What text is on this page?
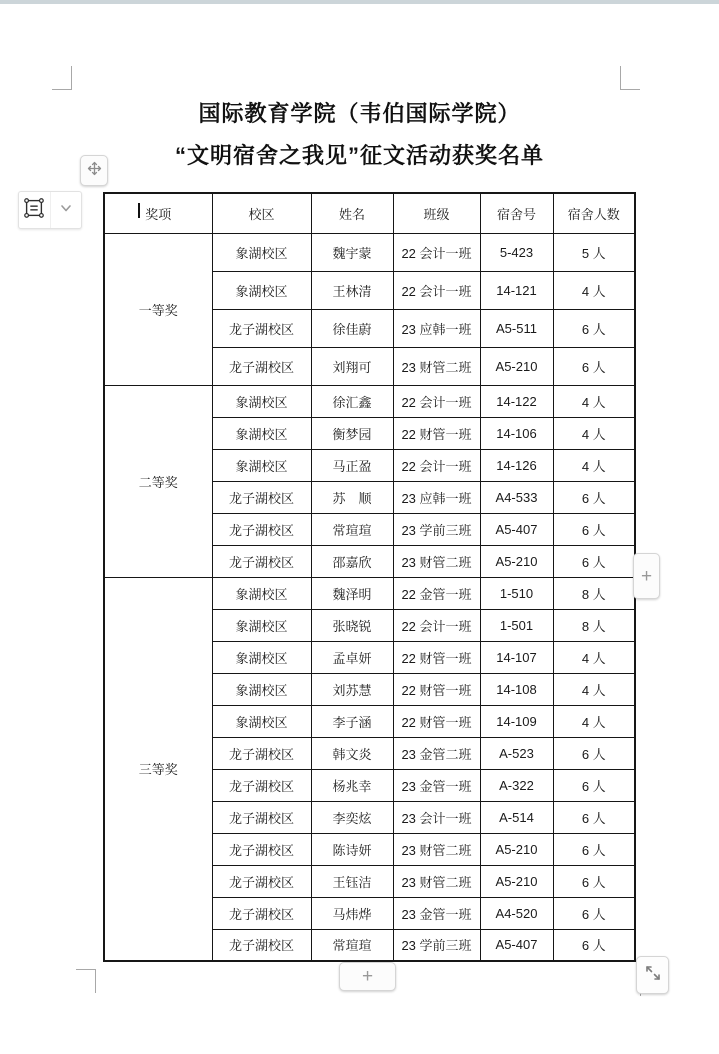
国际教育学院（韦伯国际学院）
“文明宿舍之我见”征文活动获奖名单
奖项	校区	姓名	班级	宿舍号	宿舍人数
一等奖	象湖校区	魏宇蒙	22 会计一班	5-423	5 人
	象湖校区	王林清	22 会计一班	14-121	4 人
	龙子湖校区	徐佳蔚	23 应韩一班	A5-511	6 人
	龙子湖校区	刘翔可	23 财管二班	A5-210	6 人
二等奖	象湖校区	徐汇鑫	22 会计一班	14-122	4 人
	象湖校区	衡梦园	22 财管一班	14-106	4 人
	象湖校区	马正盈	22 会计一班	14-126	4 人
	龙子湖校区	苏　顺	23 应韩一班	A4-533	6 人
	龙子湖校区	常瑄瑄	23 学前三班	A5-407	6 人
	龙子湖校区	邵嘉欣	23 财管二班	A5-210	6 人
三等奖	象湖校区	魏泽明	22 金管一班	1-510	8 人
	象湖校区	张晓锐	22 会计一班	1-501	8 人
	象湖校区	孟卓妍	22 财管一班	14-107	4 人
	象湖校区	刘苏慧	22 财管一班	14-108	4 人
	象湖校区	李子涵	22 财管一班	14-109	4 人
	龙子湖校区	韩文炎	23 金管二班	A-523	6 人
	龙子湖校区	杨兆幸	23 金管一班	A-322	6 人
	龙子湖校区	李奕炫	23 会计一班	A-514	6 人
	龙子湖校区	陈诗妍	23 财管二班	A5-210	6 人
	龙子湖校区	王钰洁	23 财管二班	A5-210	6 人
	龙子湖校区	马炜烨	23 金管一班	A4-520	6 人
	龙子湖校区	常瑄瑄	23 学前三班	A5-407	6 人
+
+
